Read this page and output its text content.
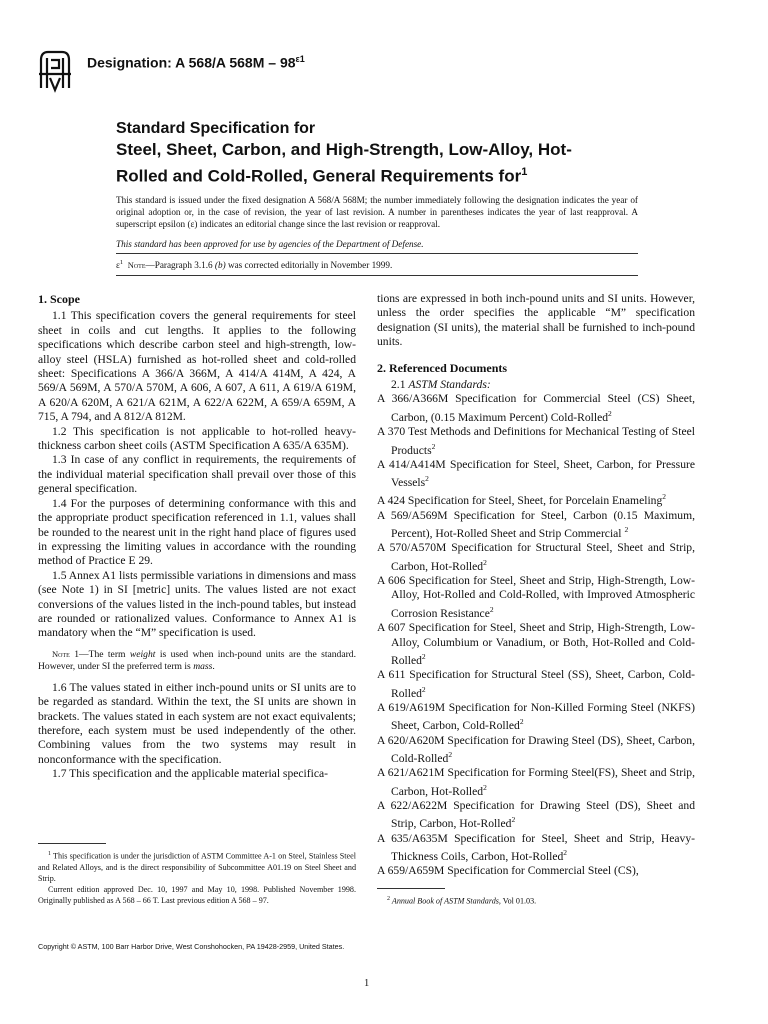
Designation: A 568/A $568M - 98^{\varepsilon 1}$
Standard Specification for
Steel, Sheet, Carbon, and High-Strength, Low-Alloy, Hot-
Rolled and Cold-Rolled, General Requirements for$^1$

This standard is issued under the fixed designation A 568/A 568M; the number immediately following the designation indicates the year of original adoption or, in the case of revision, the year of last revision. A number in parentheses indicates the year of last reapproval. A superscript epsilon (ε) indicates an editorial change since the last revision or reapproval.

This standard has been approved for use by agencies of the Department of Defense.

$\varepsilon^1$ Note—Paragraph 3.1.6 (b) was corrected editorially in November 1999.

1. Scope

1.1 This specification covers the general requirements for steel sheet in coils and cut lengths. It applies to the following specifications which describe carbon steel and high-strength, low-alloy steel (HSLA) furnished as hot-rolled sheet and cold-rolled sheet: Specifications A 366/A 366M, A 414/A 414M, A 424, A 569/A 569M, A 570/A 570M, A 606, A 607, A 611, A 619/A 619M, A 620/A 620M, A 621/A 621M, A 622/A 622M, A 659/A 659M, A 715, A 794, and A 812/A 812M.

1.2 This specification is not applicable to hot-rolled heavy-thickness carbon sheet coils (ASTM Specification A 635/A 635M).

1.3 In case of any conflict in requirements, the requirements of the individual material specification shall prevail over those of this general specification.

1.4 For the purposes of determining conformance with this and the appropriate product specification referenced in 1.1, values shall be rounded to the nearest unit in the right hand place of figures used in expressing the limiting values in accordance with the rounding method of Practice E 29.

1.5 Annex A1 lists permissible variations in dimensions and mass (see Note 1) in SI [metric] units. The values listed are not exact conversions of the values listed in the inch-pound tables, but instead are rounded or rationalized values. Conformance to Annex A1 is mandatory when the “M” specification is used.

Note 1—The term weight is used when inch-pound units are the standard. However, under SI the preferred term is mass.

1.6 The values stated in either inch-pound units or SI units are to be regarded as standard. Within the text, the SI units are shown in brackets. The values stated in each system are not exact equivalents; therefore, each system must be used independently of the other. Combining values from the two systems may result in nonconformance with the specification.

1.7 This specification and the applicable material specifica-

tions are expressed in both inch-pound units and SI units. However, unless the order specifies the applicable “M” specification designation (SI units), the material shall be furnished to inch-pound units.

2. Referenced Documents

2.1 ASTM Standards:

A 366/A366M Specification for Commercial Steel (CS) Sheet, Carbon, (0.15 Maximum Percent) Cold-Rolled$^2$

A 370 Test Methods and Definitions for Mechanical Testing of Steel Products$^2$

A 414/A414M Specification for Steel, Sheet, Carbon, for Pressure Vessels$^2$

A 424 Specification for Steel, Sheet, for Porcelain Enameling$^2$

A 569/A569M Specification for Steel, Carbon (0.15 Maximum, Percent), Hot-Rolled Sheet and Strip Commercial $^2$

A 570/A570M Specification for Structural Steel, Sheet and Strip, Carbon, Hot-Rolled$^2$

A 606 Specification for Steel, Sheet and Strip, High-Strength, Low-Alloy, Hot-Rolled and Cold-Rolled, with Improved Atmospheric Corrosion Resistance$^2$

A 607 Specification for Steel, Sheet and Strip, High-Strength, Low-Alloy, Columbium or Vanadium, or Both, Hot-Rolled and Cold-Rolled$^2$

A 611 Specification for Structural Steel (SS), Sheet, Carbon, Cold-Rolled$^2$

A 619/A619M Specification for Non-Killed Forming Steel (NKFS) Sheet, Carbon, Cold-Rolled$^2$

A 620/A620M Specification for Drawing Steel (DS), Sheet, Carbon, Cold-Rolled$^2$

A 621/A621M Specification for Forming Steel(FS), Sheet and Strip, Carbon, Hot-Rolled$^2$

A 622/A622M Specification for Drawing Steel (DS), Sheet and Strip, Carbon, Hot-Rolled$^2$

A 635/A635M Specification for Steel, Sheet and Strip, Heavy-Thickness Coils, Carbon, Hot-Rolled$^2$

A 659/A659M Specification for Commercial Steel (CS),

$^1$ This specification is under the jurisdiction of ASTM Committee A-1 on Steel, Stainless Steel and Related Alloys, and is the direct responsibility of Subcommittee A01.19 on Steel Sheet and Strip.

Current edition approved Dec. 10, 1997 and May 10, 1998. Published November 1998. Originally published as A 568 – 66 T. Last previous edition A 568 – 97.	$^2$ Annual Book of ASTM Standards, Vol 01.03.

Copyright © ASTM, 100 Barr Harbor Drive, West Conshohocken, PA 19428-2959, United States.
1
